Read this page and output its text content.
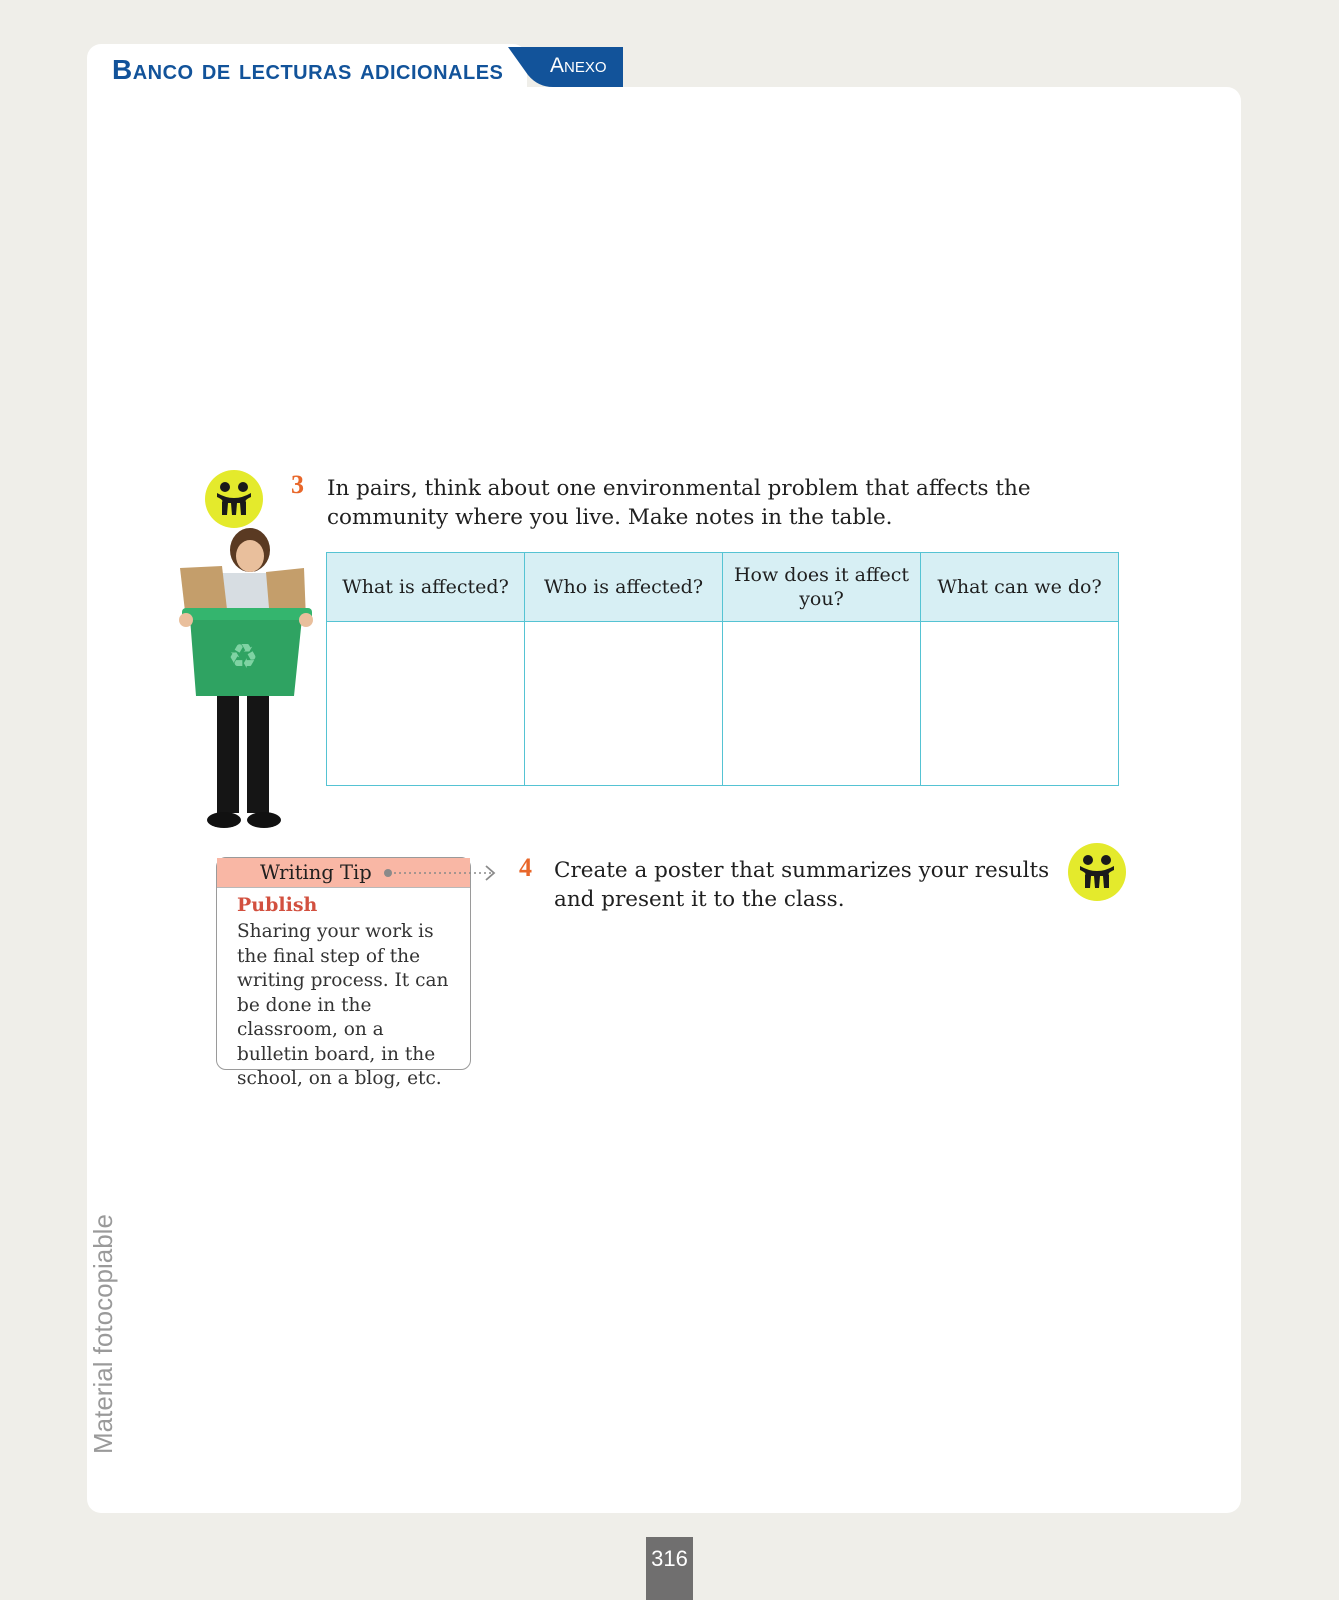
Banco de lecturas adicionales Anexo
3 In pairs, think about one environmental problem that affects the community where you live. Make notes in the table.
♻
What is affected?	Who is affected?	How does it affect you?	What can we do?

Writing Tip
Publish
Sharing your work is the final step of the writing process. It can be done in the classroom, on a bulletin board, in the school, on a blog, etc.
4 Create a poster that summarizes your results and present it to the class.
Material fotocopiable
316
